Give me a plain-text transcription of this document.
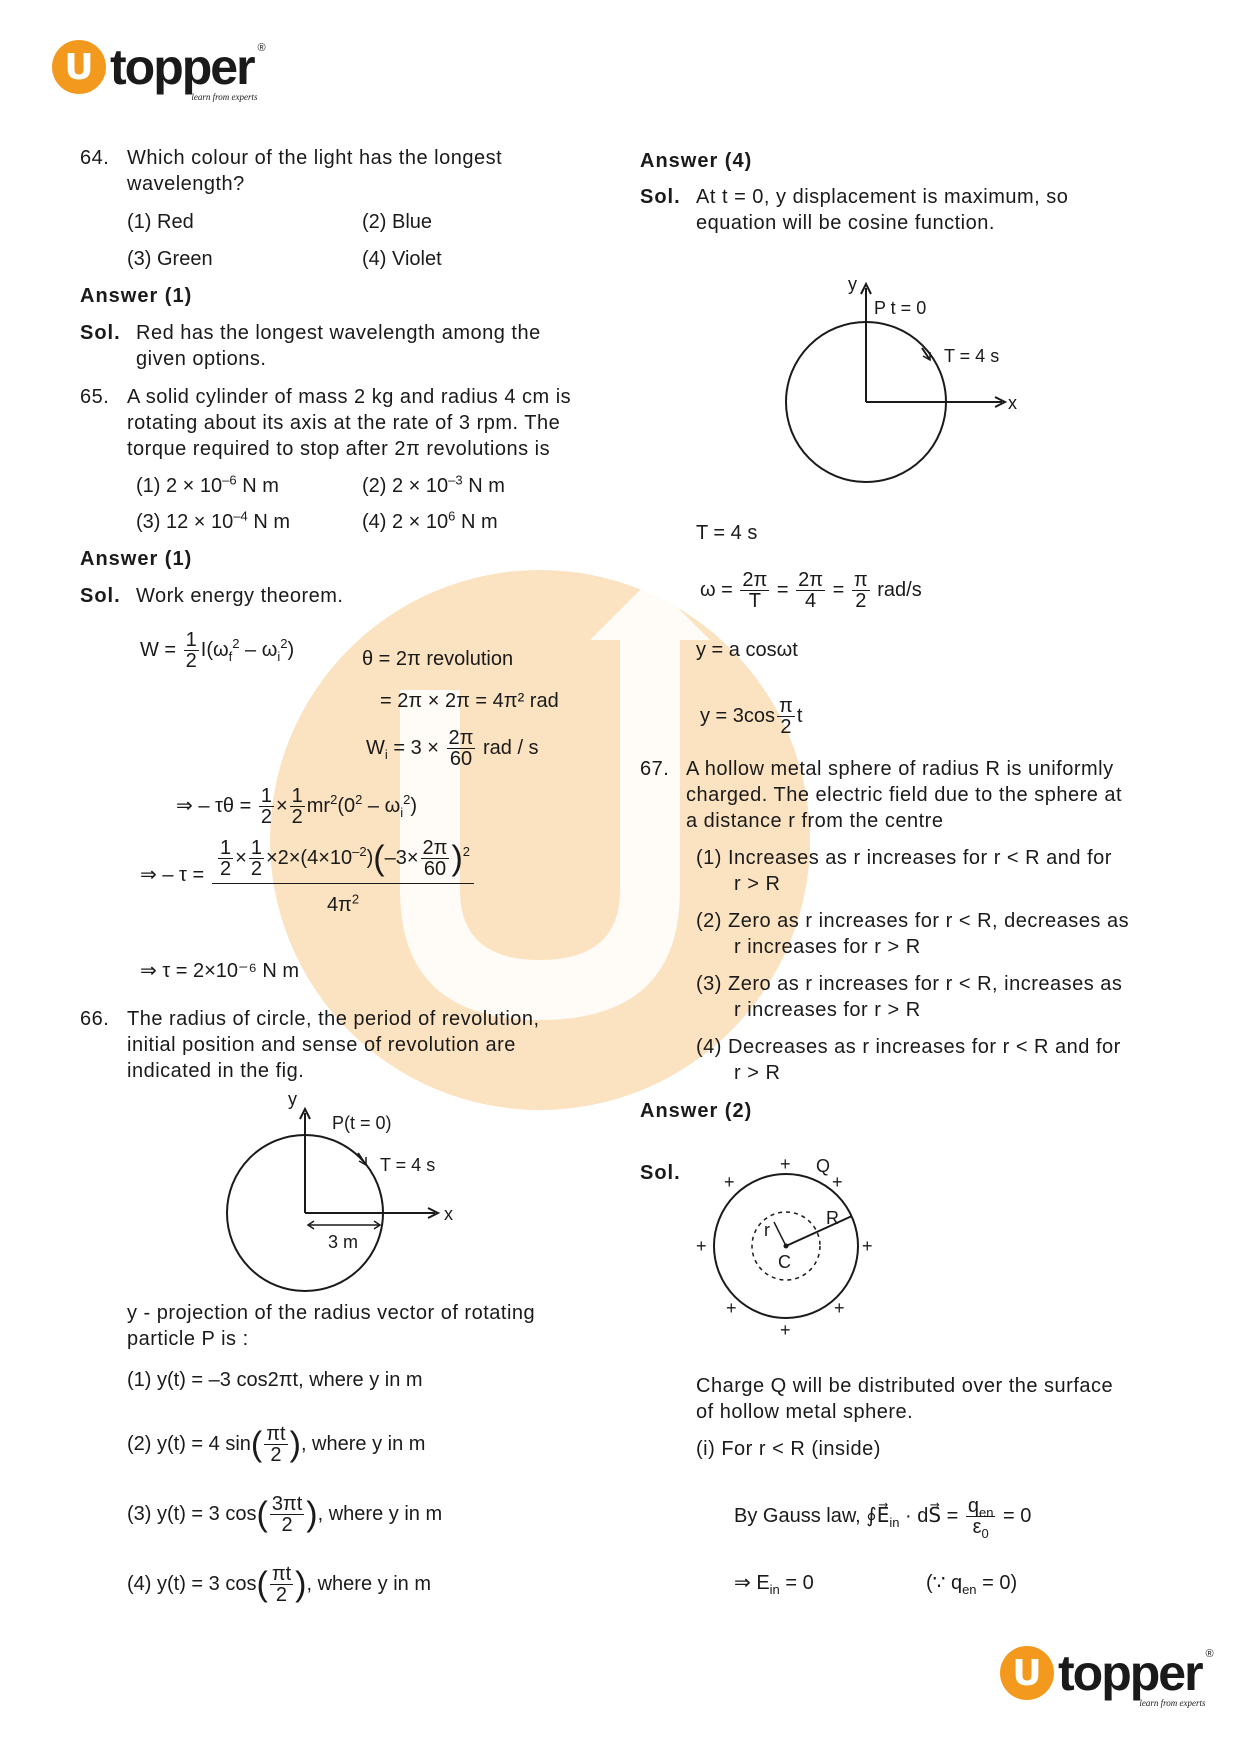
U topper ®
learn from experts
64. Which colour of the light has the longest
wavelength?
(1) Red	(2) Blue
(3) Green	(4) Violet
Answer (1)
Sol. Red has the longest wavelength among the
given options.
65. A solid cylinder of mass 2 kg and radius 4 cm is
rotating about its axis at the rate of 3 rpm. The
torque required to stop after 2π revolutions is
(1) $2 \times 10^{-6}$ N m	(2) $2 \times 10^{-3}$ N m
(3) $12 \times 10^{-4}$ N m	(4) $2 \times 10^6$ N m
Answer (1)
Sol. Work energy theorem.
$W = \frac{1}{2} I(\omega_f^2 - \omega_i^2)$	θ = 2π revolution
= 2π × 2π = 4π² rad
$W_i = 3 \times \frac{2\pi}{60}$ rad / s
⇒ – $\tau\theta = \frac{1}{2} \times \frac{1}{2} mr^2(0^2 - \omega_i^2)$
⇒ – $\tau = \frac{1}{2} \times \frac{1}{2} \times 2\times(4\times 10^{-2})(-3\times \frac{2\pi}{60} )^2$
$4\pi^2$
⇒ τ = 2×10⁻⁶ N m
66. The radius of circle, the period of revolution,
initial position and sense of revolution are
indicated in the fig.
y
x
P(t = 0)
T = 4 s
3 m
y - projection of the radius vector of rotating
particle P is :
(1) y(t) = –3 cos2πt, where y in m
(2) y(t) = 4 $\sin( \frac{\pi t}{2}$ ), where y in m
(3) y(t) = 3 $\cos( \frac{3\pi t}{2}$ ), where y in m
(4) y(t) = 3 $\cos( \frac{\pi t}{2}$ ), where y in m
Answer (4)
Sol. At t = 0, y displacement is maximum, so
equation will be cosine function.
y
x
P t = 0
T = 4 s
T = 4 s
$\omega = \frac{2\pi}{T} = \frac{2\pi}{4} = \frac{\pi}{2} rad/s$
y = a cosωt
$y = 3\cos \frac{\pi}{2}$ t
67. A hollow metal sphere of radius R is uniformly
charged. The electric field due to the sphere at
a distance r from the centre
(1) Increases as r increases for r < R and for
r > R
(2) Zero as r increases for r < R, decreases as
r increases for r > R
(3) Zero as r increases for r < R, increases as
r increases for r > R
(4) Decreases as r increases for r < R and for
r > R
Answer (2)
Sol.	Q
R
r
C
+
+	+
+	+
+	+
+
Charge Q will be distributed over the surface
of hollow metal sphere.
(i) For r < R (inside)
By Gauss law, $∮E⃗_{in}$ · dS⃗ = $\frac{q_{en}}{\varepsilon_0} = 0$
⇒ $E_{in} = 0$	(∵ $q_{en} = 0$)
U topper ®
learn from experts
